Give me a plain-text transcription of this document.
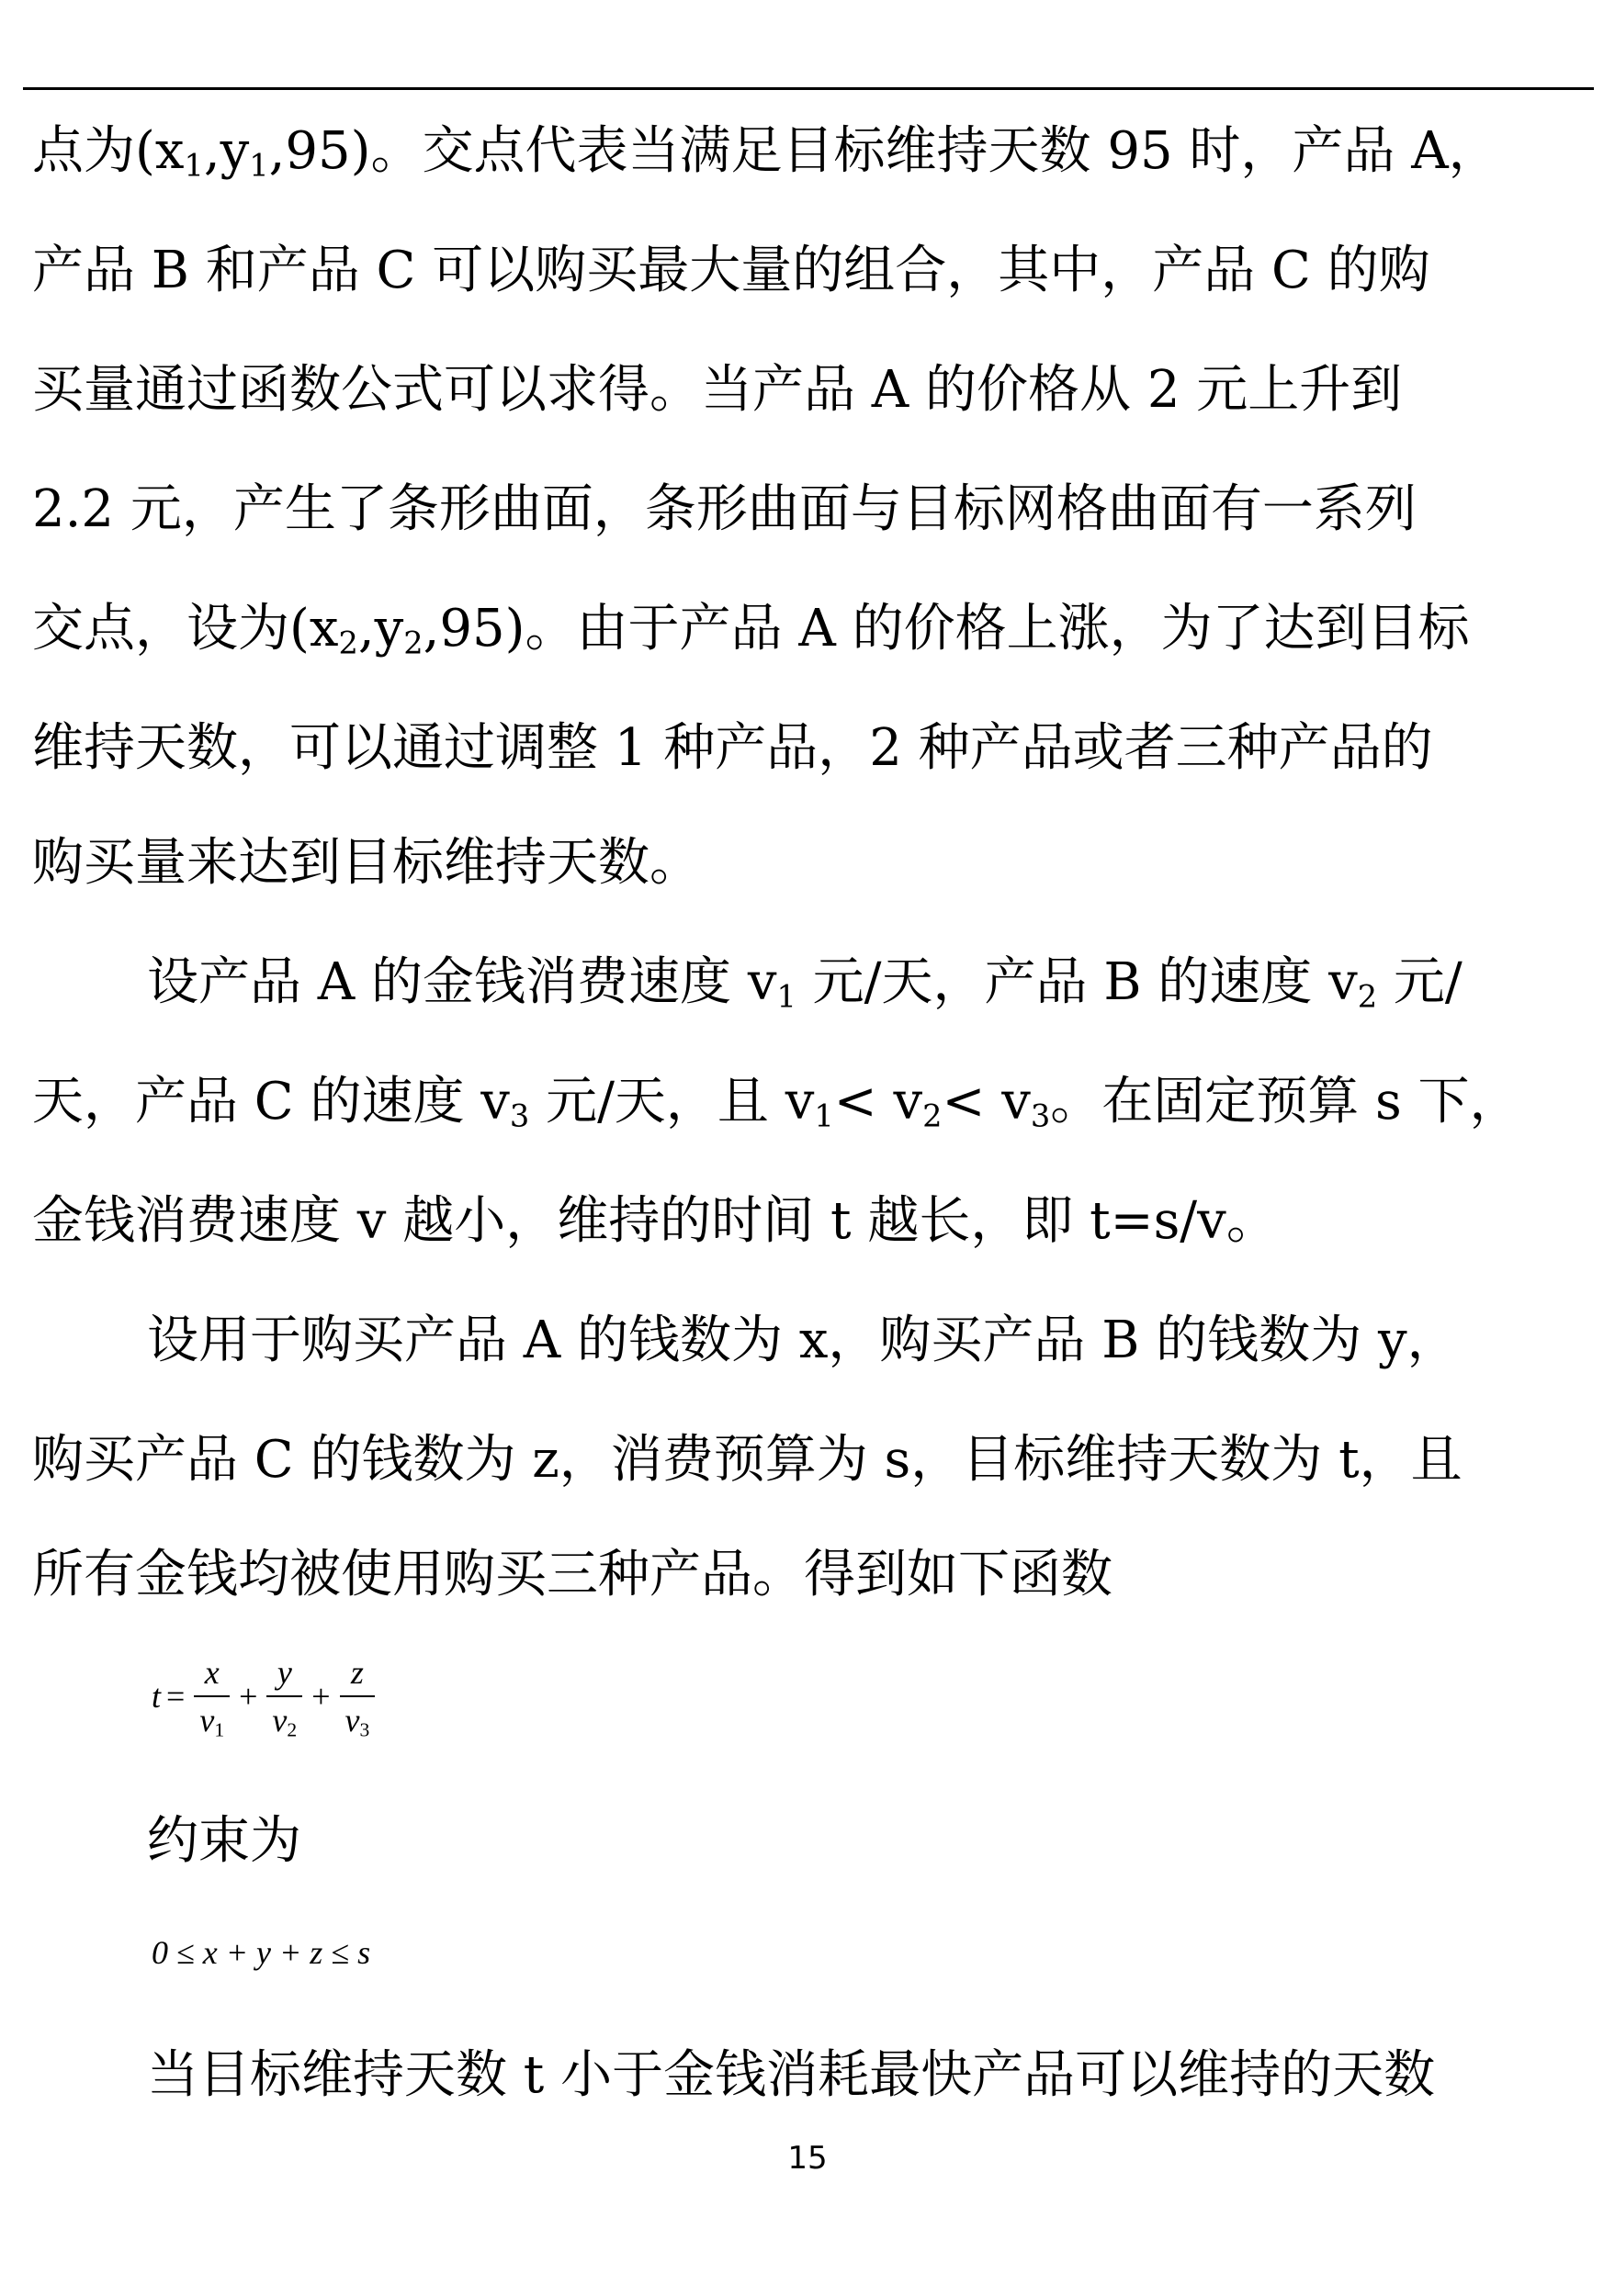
点为$(x_1,y_1,95)$。交点代表当满足目标维持天数 95 时，产品 A，
产品 B 和产品 C 可以购买最大量的组合，其中，产品 C 的购
买量通过函数公式可以求得。当产品 A 的价格从 2 元上升到
2.2 元，产生了条形曲面，条形曲面与目标网格曲面有一系列
交点，设为$(x_2,y_2,95)$。由于产品 A 的价格上涨，为了达到目标
维持天数，可以通过调整 1 种产品，2 种产品或者三种产品的
购买量来达到目标维持天数。
设产品 A 的金钱消费速度 $v_1$ 元/天，产品 B 的速度 $v_2$ 元/
天，产品 C 的速度 $v_3$ 元/天，且 $v_1< v_2< v_3$。在固定预算 s 下，
金钱消费速度 v 越小，维持的时间 t 越长，即 t=s/v。
设用于购买产品 A 的钱数为 x，购买产品 B 的钱数为 y，
购买产品 C 的钱数为 z，消费预算为 s，目标维持天数为 t，且
所有金钱均被使用购买三种产品。得到如下函数
$t = \frac{x}{v_1} + \frac{y}{v_2} + \frac{z}{v_3}$
约束为
0 ≤ x + y + z ≤ s
当目标维持天数 t 小于金钱消耗最快产品可以维持的天数
15
